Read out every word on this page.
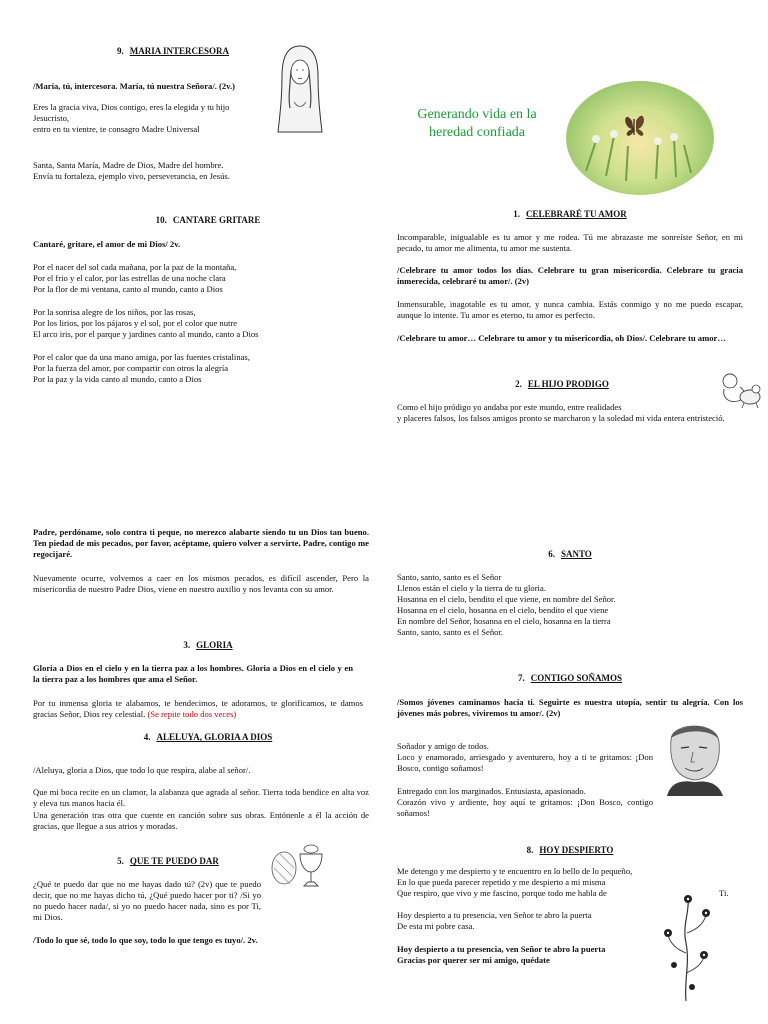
9. MARIA INTERCESORA

/María, tú, intercesora. María, tú nuestra Señora/. (2v.)

Eres la gracia viva, Dios contigo, eres la elegida y tu hijo

Jesucristo,

entro en tu vientre, te consagro Madre Universal

Santa, Santa María, Madre de Dios, Madre del hombre.

Envía tu fortaleza, ejemplo vivo, perseverancia, en Jesús.

10. CANTARE GRITARE

Cantaré, gritare, el amor de mi Dios/ 2v.

Por el nacer del sol cada mañana, por la paz de la montaña,

Por el frio y el calor, por las estrellas de una noche clara

Por la flor de mi ventana, canto al mundo, canto a Dios

Por la sonrisa alegre de los niños, por las rosas,

Por los lirios, por los pájaros y el sol, por el color que nutre

El arco iris, por el parque y jardines canto al mundo, canto a Dios

Por el calor que da una mano amiga, por las fuentes cristalinas,

Por la fuerza del amor, por compartir con otros la alegría

Por la paz y la vida canto al mundo, canto a Dios

Padre, perdóname, solo contra ti peque, no merezco alabarte siendo tu un Dios tan bueno. Ten piedad de mis pecados, por favor, acéptame, quiero volver a servirte, Padre, contigo me regocijaré.

Nuevamente ocurre, volvemos a caer en los mismos pecados, es difícil ascender, Pero la misericordia de nuestro Padre Dios, viene en nuestro auxilio y nos levanta con su amor.

3. GLORIA

Gloria a Dios en el cielo y en la tierra paz a los hombres. Gloria a Dios en el cielo y en la tierra paz a los hombres que ama el Señor.

Por tu inmensa gloria te alabamos, te bendecimos, te adoramos, te glorificamos, te damos gracias Señor, Dios rey celestial. (Se repite todo dos veces)

4. ALELUYA, GLORIA A DIOS

/Aleluya, gloria a Dios, que todo lo que respira, alabe al señor/.

Que mi boca recite en un clamor, la alabanza que agrada al señor. Tierra toda bendice en alta voz y eleva tus manos hacia él.

Una generación tras otra que cuente en canción sobre sus obras. Entónenle a él la acción de gracias, que llegue a sus atrios y moradas.

5. QUE TE PUEDO DAR

¿Qué te puedo dar que no me hayas dado tú? (2v) que te puedo decir, que no me hayas dicho tú, ¿Qué puedo hacer por ti? /Si yo no puedo hacer nada/, si yo no puedo hacer nada, sino es por Ti, mi Dios.

/Todo lo que sé, todo lo que soy, todo lo que tengo es tuyo/. 2v.

Generando vida en la heredad confiada
1. CELEBRARÉ TU AMOR

Incomparable, inigualable es tu amor y me rodea. Tú me abrazaste me sonreíste Señor, en mi pecado, tu amor me alimenta, tu amor me sustenta.

/Celebrare tu amor todos los días. Celebrare tu gran misericordia. Celebrare tu gracia inmerecida, celebraré tu amor/. (2v)

Inmensurable, inagotable es tu amor, y nunca cambia. Estás conmigo y no me puedo escapar, aunque lo intente. Tu amor es eterno, tu amor es perfecto.

/Celebrare tu amor… Celebrare tu amor y tu misericordia, oh Dios/. Celebrare tu amor…

2. EL HIJO PRODIGO

Como el hijo pródigo yo andaba por este mundo, entre realidades

y placeres falsos, los falsos amigos pronto se marcharon y la soledad mi vida entera entristeció.

6. SANTO

Santo, santo, santo es el Señor

Llenos están el cielo y la tierra de tu gloria.

Hosanna en el cielo, bendito el que viene, en nombre del Señor.

Hosanna en el cielo, hosanna en el cielo, bendito el que viene

En nombre del Señor, hosanna en el cielo, hosanna en la tierra

Santo, santo, santo es el Señor.

7. CONTIGO SOÑAMOS

/Somos jóvenes caminamos hacia ti. Seguirte es nuestra utopía, sentir tu alegría. Con los jóvenes más pobres, viviremos tu amor/. (2v)

Soñador y amigo de todos.

Loco y enamorado, arriesgado y aventurero, hoy a ti te gritamos: ¡Don Bosco, contigo soñamos!

Entregado con los marginados. Entusiasta, apasionado.

Corazón vivo y ardiente, hoy aquí te gritamos: ¡Don Bosco, contigo soñamos!

8. HOY DESPIERTO

Me detengo y me despierto y te encuentro en lo bello de lo pequeño,

En lo que pueda parecer repetido y me despierto a mi misma

Que respiro, que vivo y me fascino, porque todo me habla de	Ti.

Hoy despierto a tu presencia, ven Señor te abro la puerta

De esta mi pobre casa.

Hoy despierto a tu presencia, ven Señor te abro la puerta

Gracias por querer ser mi amigo, quédate
